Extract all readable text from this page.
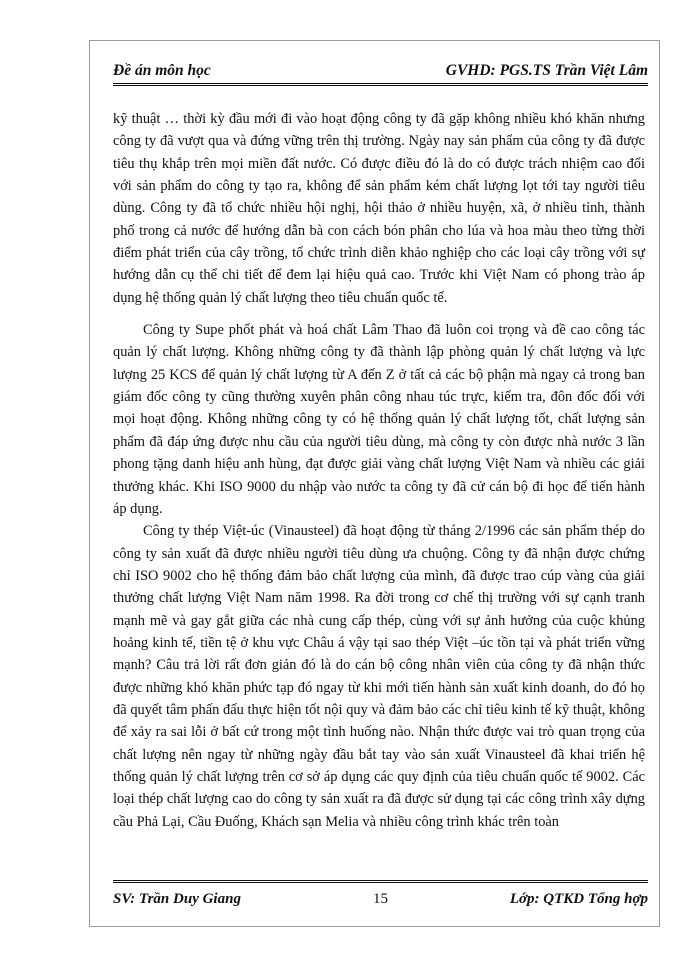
Đề án môn học	GVHD: PGS.TS Trần Việt Lâm

kỹ thuật … thời kỳ đầu mới đi vào hoạt động công ty đã gặp không nhiều khó khăn nhưng công ty đã vượt qua và đứng vững trên thị trường. Ngày nay sản phẩm của công ty đã được tiêu thụ khắp trên mọi miền đất nước. Có được điều đó là do có được trách nhiệm cao đối với sản phẩm do công ty tạo ra, không để sản phẩm kém chất lượng lọt tới tay người tiêu dùng. Công ty đã tổ chức nhiều hội nghị, hội thảo ở nhiều huyện, xã, ở nhiều tỉnh, thành phố trong cả nước để hướng dẫn bà con cách bón phân cho lúa và hoa màu theo từng thời điểm phát triển của cây trồng, tổ chức trình diễn khảo nghiệp cho các loại cây trồng với sự hướng dẫn cụ thể chi tiết để đem lại hiệu quả cao. Trước khi Việt Nam có phong trào áp dụng hệ thống quản lý chất lượng theo tiêu chuẩn quốc tế.

Công ty Supe phốt phát và hoá chất Lâm Thao đã luôn coi trọng và đề cao công tác quản lý chất lượng. Không những công ty đã thành lập phòng quản lý chất lượng và lực lượng 25 KCS để quản lý chất lượng từ A đến Z ở tất cả các bộ phận mà ngay cả trong ban giám đốc công ty cũng thường xuyên phân công nhau túc trực, kiểm tra, đôn đốc đối với mọi hoạt động. Không những công ty có hệ thống quản lý chất lượng tốt, chất lượng sản phẩm đã đáp ứng được nhu cầu của người tiêu dùng, mà công ty còn được nhà nước 3 lần phong tặng danh hiệu anh hùng, đạt được giải vàng chất lượng Việt Nam và nhiều các giải thưởng khác. Khi ISO 9000 du nhập vào nước ta công ty đã cử cán bộ đi học để tiến hành áp dụng.

Công ty thép Việt-úc (Vinausteel) đã hoạt động từ tháng 2/1996 các sản phẩm thép do công ty sản xuất đã được nhiều người tiêu dùng ưa chuộng. Công ty đã nhận được chứng chỉ ISO 9002 cho hệ thống đảm bảo chất lượng của mình, đã được trao cúp vàng của giải thưởng chất lượng Việt Nam năm 1998. Ra đời trong cơ chế thị trường với sự cạnh tranh mạnh mẽ và gay gắt giữa các nhà cung cấp thép, cùng với sự ảnh hưởng của cuộc khủng hoảng kinh tế, tiền tệ ở khu vực Châu á vậy tại sao thép Việt –úc tồn tại và phát triển vững mạnh? Câu trả lời rất đơn giản đó là do cán bộ công nhân viên của công ty đã nhận thức được những khó khăn phức tạp đó ngay từ khi mới tiến hành sản xuất kinh doanh, do đó họ đã quyết tâm phấn đấu thực hiện tốt nội quy và đảm bảo các chỉ tiêu kinh tế kỹ thuật, không để xảy ra sai lỗi ở bất cứ trong một tình huống nào. Nhận thức được vai trò quan trọng của chất lượng nên ngay từ những ngày đầu bắt tay vào sản xuất Vinausteel đã khai triển hệ thống quản lý chất lượng trên cơ sở áp dụng các quy định của tiêu chuẩn quốc tế 9002. Các loại thép chất lượng cao do công ty sản xuất ra đã được sử dụng tại các công trình xây dựng cầu Phả Lại, Cầu Đuống, Khách sạn Melia và nhiều công trình khác trên toàn

SV: Trần Duy Giang	15	Lớp: QTKD Tổng hợp
